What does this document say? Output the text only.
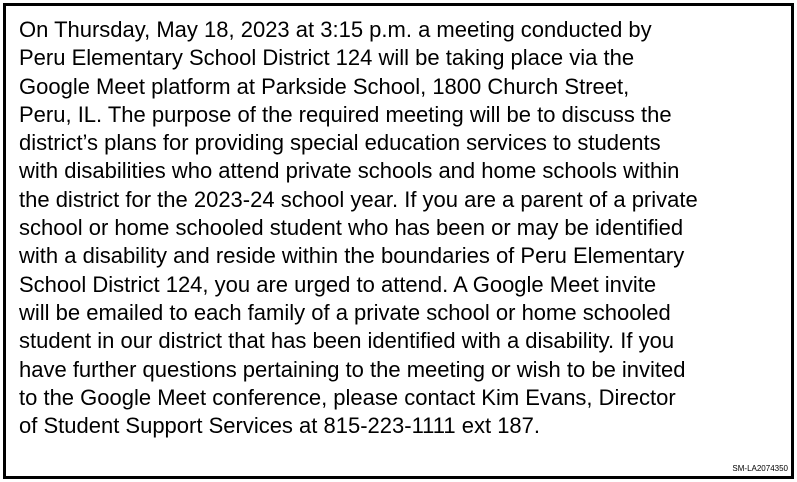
On Thursday, May 18, 2023 at 3:15 p.m. a meeting conducted by
Peru Elementary School District 124 will be taking place via the
Google Meet platform at Parkside School, 1800 Church Street,
Peru, IL. The purpose of the required meeting will be to discuss the
district’s plans for providing special education services to students
with disabilities who attend private schools and home schools within
the district for the 2023-24 school year. If you are a parent of a private
school or home schooled student who has been or may be identified
with a disability and reside within the boundaries of Peru Elementary
School District 124, you are urged to attend. A Google Meet invite
will be emailed to each family of a private school or home schooled
student in our district that has been identified with a disability. If you
have further questions pertaining to the meeting or wish to be invited
to the Google Meet conference, please contact Kim Evans, Director
of Student Support Services at 815-223-1111 ext 187.
SM-LA2074350
